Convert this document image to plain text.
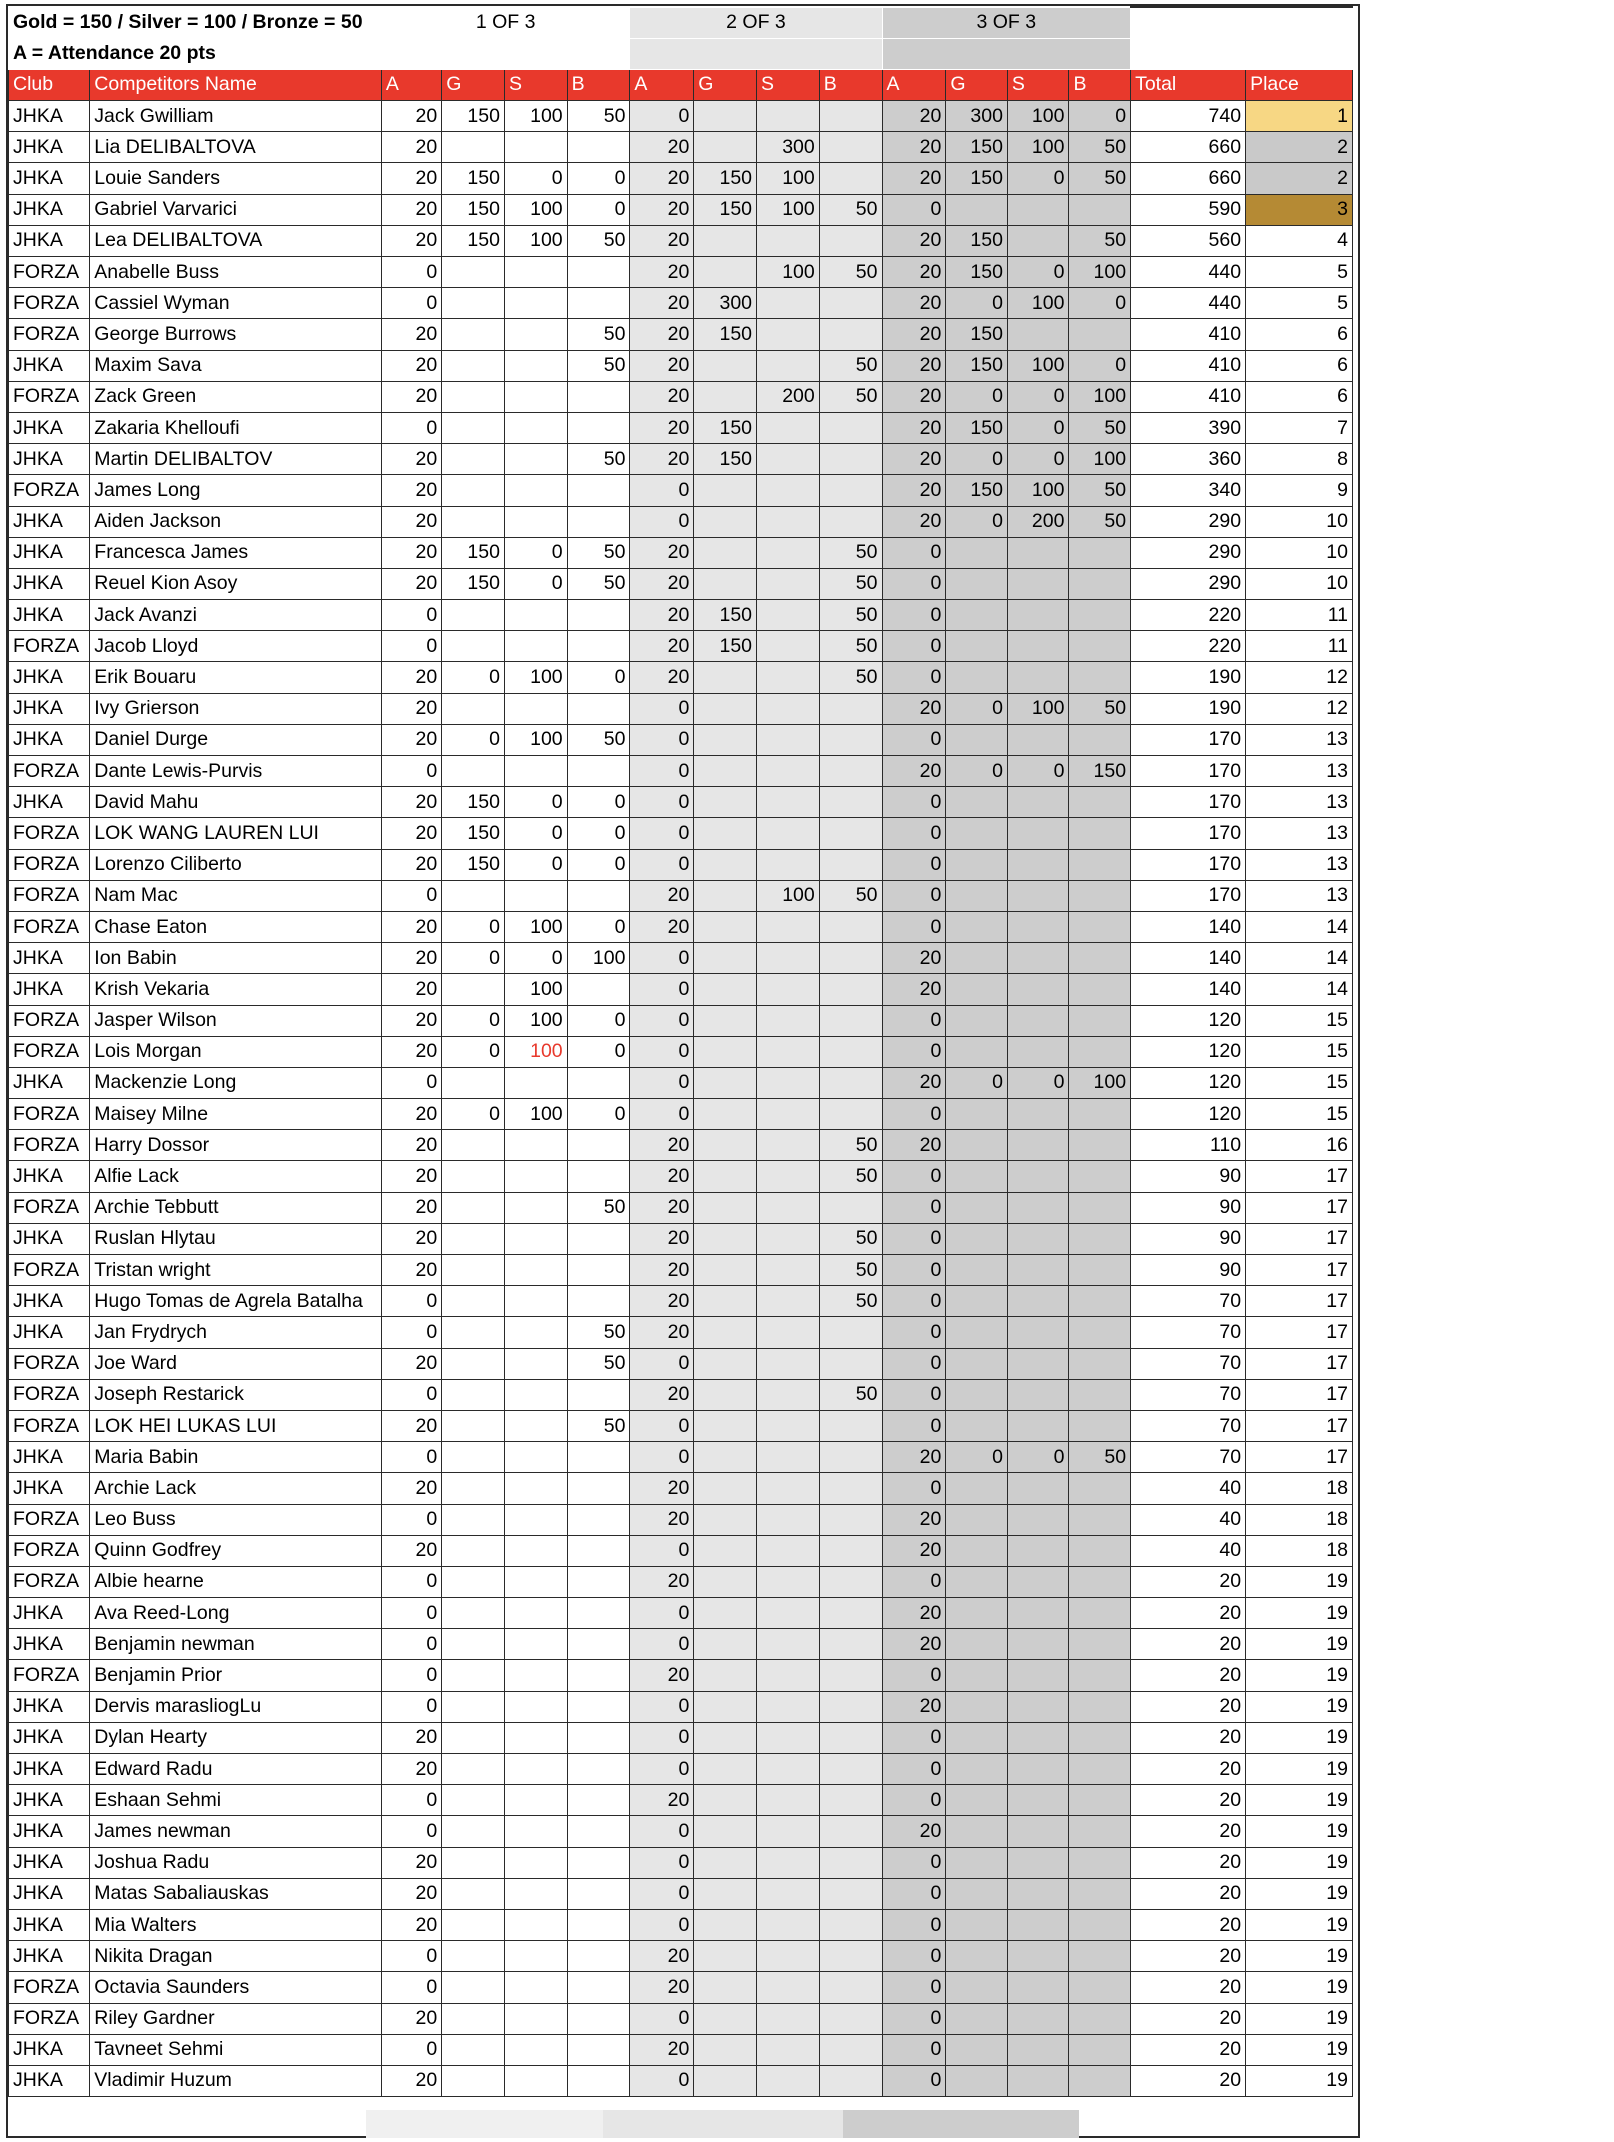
Gold = 150 / Silver = 100 / Bronze = 50		1 OF 3				2 OF 3				3 OF 3					
A = Attendance 20 pts															
Club	Competitors Name	A	G	S	B	A	G	S	B	A	G	S	B	Total	Place
JHKA	Jack Gwilliam	20	150	100	50	0				20	300	100	0	740	1
JHKA	Lia DELIBALTOVA	20				20		300		20	150	100	50	660	2
JHKA	Louie Sanders	20	150	0	0	20	150	100		20	150	0	50	660	2
JHKA	Gabriel Varvarici	20	150	100	0	20	150	100	50	0				590	3
JHKA	Lea DELIBALTOVA	20	150	100	50	20				20	150		50	560	4
FORZA	Anabelle Buss	0				20		100	50	20	150	0	100	440	5
FORZA	Cassiel Wyman	0				20	300			20	0	100	0	440	5
FORZA	George Burrows	20			50	20	150			20	150			410	6
JHKA	Maxim Sava	20			50	20			50	20	150	100	0	410	6
FORZA	Zack Green	20				20		200	50	20	0	0	100	410	6
JHKA	Zakaria Khelloufi	0				20	150			20	150	0	50	390	7
JHKA	Martin DELIBALTOV	20			50	20	150			20	0	0	100	360	8
FORZA	James Long	20				0				20	150	100	50	340	9
JHKA	Aiden Jackson	20				0				20	0	200	50	290	10
JHKA	Francesca James	20	150	0	50	20			50	0				290	10
JHKA	Reuel Kion Asoy	20	150	0	50	20			50	0				290	10
JHKA	Jack Avanzi	0				20	150		50	0				220	11
FORZA	Jacob Lloyd	0				20	150		50	0				220	11
JHKA	Erik Bouaru	20	0	100	0	20			50	0				190	12
JHKA	Ivy Grierson	20				0				20	0	100	50	190	12
JHKA	Daniel Durge	20	0	100	50	0				0				170	13
FORZA	Dante Lewis-Purvis	0				0				20	0	0	150	170	13
JHKA	David Mahu	20	150	0	0	0				0				170	13
FORZA	LOK WANG LAUREN LUI	20	150	0	0	0				0				170	13
FORZA	Lorenzo Ciliberto	20	150	0	0	0				0				170	13
FORZA	Nam Mac	0				20		100	50	0				170	13
FORZA	Chase Eaton	20	0	100	0	20				0				140	14
JHKA	Ion Babin	20	0	0	100	0				20				140	14
JHKA	Krish Vekaria	20		100		0				20				140	14
FORZA	Jasper Wilson	20	0	100	0	0				0				120	15
FORZA	Lois Morgan	20	0	100	0	0				0				120	15
JHKA	Mackenzie Long	0				0				20	0	0	100	120	15
FORZA	Maisey Milne	20	0	100	0	0				0				120	15
FORZA	Harry Dossor	20				20			50	20				110	16
JHKA	Alfie Lack	20				20			50	0				90	17
FORZA	Archie Tebbutt	20			50	20				0				90	17
JHKA	Ruslan Hlytau	20				20			50	0				90	17
FORZA	Tristan wright	20				20			50	0				90	17
JHKA	Hugo Tomas de Agrela Batalha	0				20			50	0				70	17
JHKA	Jan Frydrych	0			50	20				0				70	17
FORZA	Joe Ward	20			50	0				0				70	17
FORZA	Joseph Restarick	0				20			50	0				70	17
FORZA	LOK HEI LUKAS LUI	20			50	0				0				70	17
JHKA	Maria Babin	0				0				20	0	0	50	70	17
JHKA	Archie Lack	20				20				0				40	18
FORZA	Leo Buss	0				20				20				40	18
FORZA	Quinn Godfrey	20				0				20				40	18
FORZA	Albie hearne	0				20				0				20	19
JHKA	Ava Reed-Long	0				0				20				20	19
JHKA	Benjamin newman	0				0				20				20	19
FORZA	Benjamin Prior	0				20				0				20	19
JHKA	Dervis marasliogLu	0				0				20				20	19
JHKA	Dylan Hearty	20				0				0				20	19
JHKA	Edward Radu	20				0				0				20	19
JHKA	Eshaan Sehmi	0				20				0				20	19
JHKA	James newman	0				0				20				20	19
JHKA	Joshua Radu	20				0				0				20	19
JHKA	Matas Sabaliauskas	20				0				0				20	19
JHKA	Mia Walters	20				0				0				20	19
JHKA	Nikita Dragan	0				20				0				20	19
FORZA	Octavia Saunders	0				20				0				20	19
FORZA	Riley Gardner	20				0				0				20	19
JHKA	Tavneet Sehmi	0				20				0				20	19
JHKA	Vladimir Huzum	20				0				0				20	19
